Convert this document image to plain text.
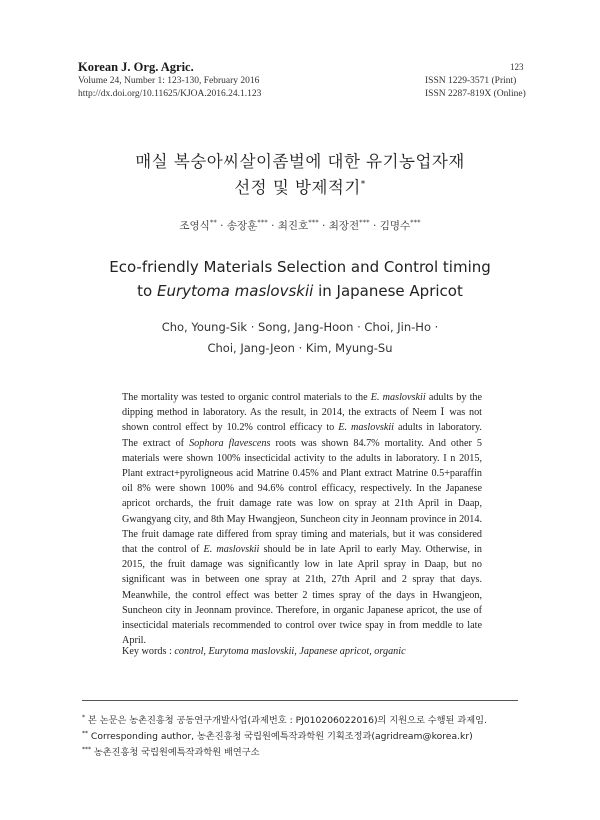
Korean J. Org. Agric.
Volume 24, Number 1: 123-130, February 2016
http://dx.doi.org/10.11625/KJOA.2016.24.1.123
123
ISSN 1229-3571 (Print)
ISSN 2287-819X (Online)
매실 복숭아씨살이좀벌에 대한 유기농업자재
선정 및 방제적기*
조영식** · 송장훈*** · 최진호*** · 최장전*** · 김명수***
Eco-friendly Materials Selection and Control timing
to Eurytoma maslovskii in Japanese Apricot
Cho, Young-Sik · Song, Jang-Hoon · Choi, Jin-Ho ·
Choi, Jang-Jeon · Kim, Myung-Su
The mortality was tested to organic control materials to the E. maslovskii adults by the dipping method in laboratory. As the result, in 2014, the extracts of Neem Ⅰ was not shown control effect by 10.2% control efficacy to E. maslovskii adults in laboratory. The extract of Sophora flavescens roots was shown 84.7% mortality. And other 5 materials were shown 100% insecticidal activity to the adults in laboratory. I n 2015, Plant extract+pyroligneous acid Matrine 0.45% and Plant extract Matrine 0.5+paraffin oil 8% were shown 100% and 94.6% control efficacy, respectively. In the Japanese apricot orchards, the fruit damage rate was low on spray at 21th April in Daap, Gwangyang city, and 8th May Hwangjeon, Suncheon city in Jeonnam province in 2014. The fruit damage rate differed from spray timing and materials, but it was considered that the control of E. maslovskii should be in late April to early May. Otherwise, in 2015, the fruit damage was significantly low in late April spray in Daap, but no significant was in between one spray at 21th, 27th April and 2 spray that days. Meanwhile, the control effect was better 2 times spray of the days in Hwangjeon, Suncheon city in Jeonnam province. Therefore, in organic Japanese apricot, the use of insecticidal materials recommended to control over twice spay in from meddle to late April.
Key words : control, Eurytoma maslovskii, Japanese apricot, organic
* 본 논문은 농촌진흥청 공동연구개발사업(과제번호 : PJ010206022016)의 지원으로 수행된 과제임.
** Corresponding author, 농촌진흥청 국립원예특작과학원 기획조정과(agridream@korea.kr)
*** 농촌진흥청 국립원예특작과학원 배연구소
